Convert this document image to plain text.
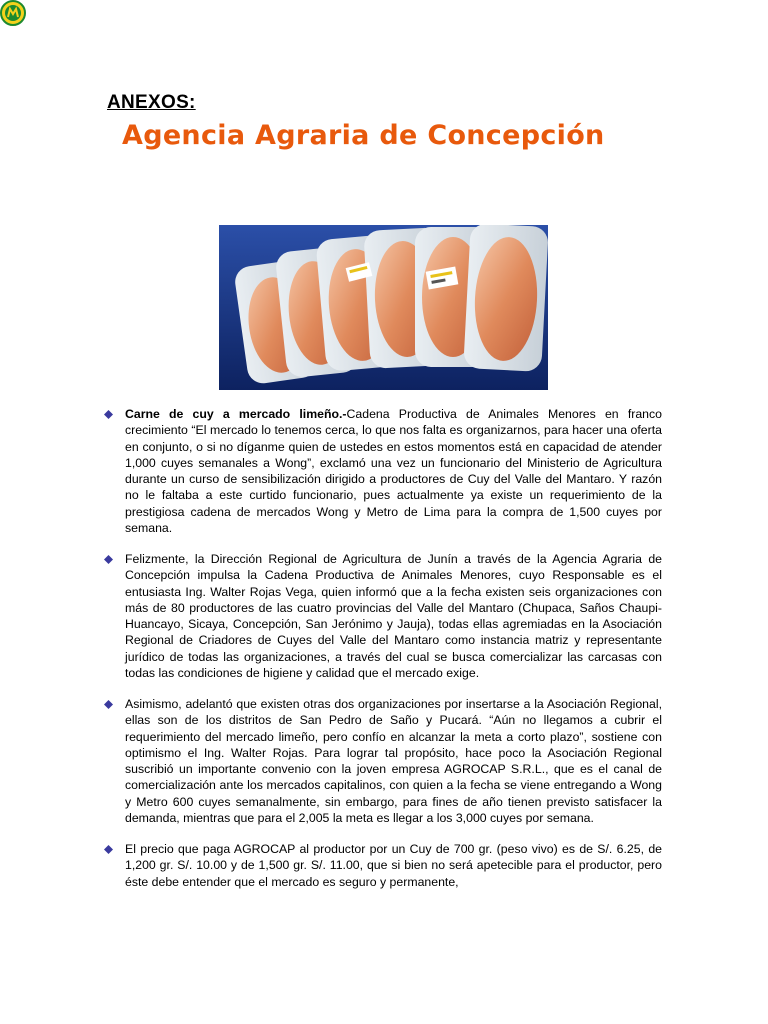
ANEXOS:
Agencia Agraria de Concepción

Carne de cuy a mercado limeño.-Cadena Productiva de Animales Menores en franco crecimiento “El mercado lo tenemos cerca, lo que nos falta es organizarnos, para hacer una oferta en conjunto, o si no díganme quien de ustedes en estos momentos está en capacidad de atender 1,000 cuyes semanales a Wong”, exclamó una vez un funcionario del Ministerio de Agricultura durante un curso de sensibilización dirigido a productores de Cuy del Valle del Mantaro. Y razón no le faltaba a este curtido funcionario, pues actualmente ya existe un requerimiento de la prestigiosa cadena de mercados Wong y Metro de Lima para la compra de 1,500 cuyes por semana.

Felizmente, la Dirección Regional de Agricultura de Junín a través de la Agencia Agraria de Concepción impulsa la Cadena Productiva de Animales Menores, cuyo Responsable es el entusiasta Ing. Walter Rojas Vega, quien informó que a la fecha existen seis organizaciones con más de 80 productores de las cuatro provincias del Valle del Mantaro (Chupaca, Saños Chaupi-Huancayo, Sicaya, Concepción, San Jerónimo y Jauja), todas ellas agremiadas en la Asociación Regional de Criadores de Cuyes del Valle del Mantaro como instancia matriz y representante jurídico de todas las organizaciones, a través del cual se busca comercializar las carcasas con todas las condiciones de higiene y calidad que el mercado exige.

Asimismo, adelantó que existen otras dos organizaciones por insertarse a la Asociación Regional, ellas son de los distritos de San Pedro de Saño y Pucará. “Aún no llegamos a cubrir el requerimiento del mercado limeño, pero confío en alcanzar la meta a corto plazo”, sostiene con optimismo el Ing. Walter Rojas. Para lograr tal propósito, hace poco la Asociación Regional suscribió un importante convenio con la joven empresa AGROCAP S.R.L., que es el canal de comercialización ante los mercados capitalinos, con quien a la fecha se viene entregando a Wong y Metro 600 cuyes semanalmente, sin embargo, para fines de año tienen previsto satisfacer la demanda, mientras que para el 2,005 la meta es llegar a los 3,000 cuyes por semana.

El precio que paga AGROCAP al productor por un Cuy de 700 gr. (peso vivo) es de S/. 6.25, de 1,200 gr. S/. 10.00 y de 1,500 gr. S/. 11.00, que si bien no será apetecible para el productor, pero éste debe entender que el mercado es seguro y permanente,
